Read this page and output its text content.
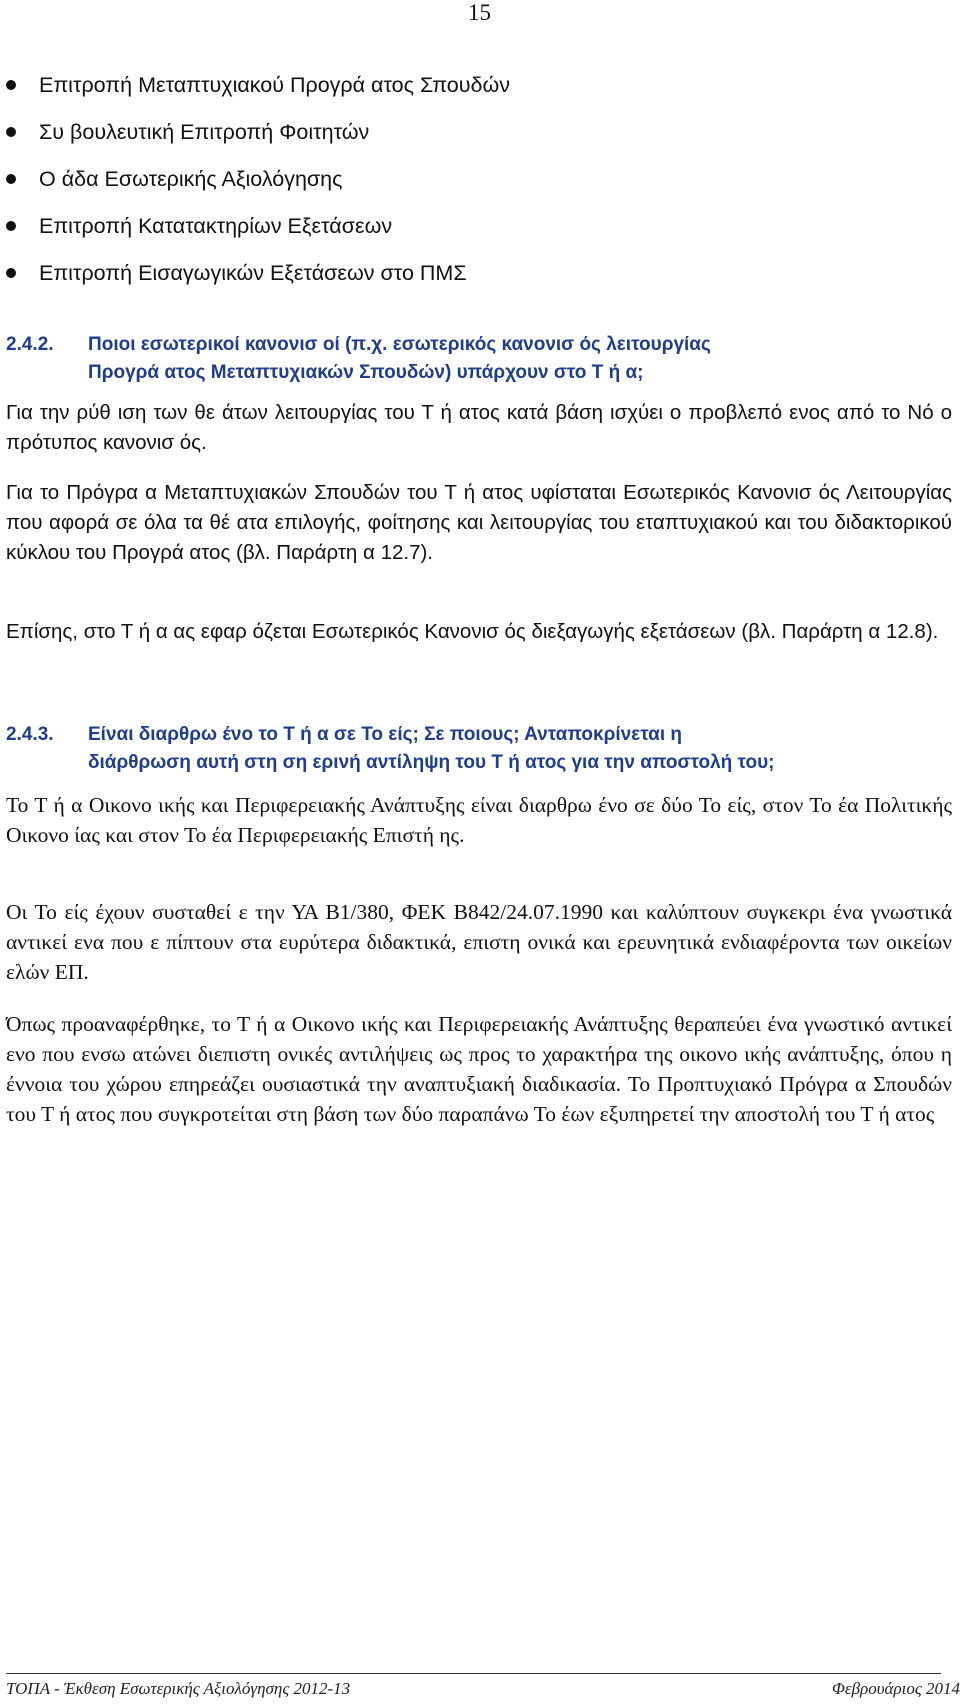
15
Επιτροπή Μεταπτυχιακού Προγρά ατος Σπουδών
Συ βουλευτική Επιτροπή Φοιτητών
Ο άδα Εσωτερικής Αξιολόγησης
Επιτροπή Κατατακτηρίων Εξετάσεων
Επιτροπή Εισαγωγικών Εξετάσεων στο ΠΜΣ
2.4.2. Ποιοι εσωτερικοί κανονισ οί (π.χ. εσωτερικός κανονισ ός λειτουργίας
Προγρά ατος Μεταπτυχιακών Σπουδών) υπάρχουν στο Τ ή α;

Για την ρύθ ιση των θε άτων λειτουργίας του Τ ή ατος κατά βάση ισχύει ο προβλεπό ενος από το Νό ο πρότυπος κανονισ ός.

Για το Πρόγρα α Μεταπτυχιακών Σπουδών του Τ ή ατος υφίσταται Εσωτερικός Κανονισ ός Λειτουργίας που αφορά σε όλα τα θέ ατα επιλογής, φοίτησης και λειτουργίας του εταπτυχιακού και του διδακτορικού κύκλου του Προγρά ατος (βλ. Παράρτη α 12.7).

Επίσης, στο Τ ή α ας εφαρ όζεται Εσωτερικός Κανονισ ός διεξαγωγής εξετάσεων (βλ. Παράρτη α 12.8).

2.4.3. Είναι διαρθρω ένο το Τ ή α σε Το είς; Σε ποιους; Ανταποκρίνεται η
διάρθρωση αυτή στη ση ερινή αντίληψη του Τ ή ατος για την αποστολή του;

Το Τ ή α Οικονο ικής και Περιφερειακής Ανάπτυξης είναι διαρθρω ένο σε δύο Το είς, στον Το έα Πολιτικής Οικονο ίας και στον Το έα Περιφερειακής Επιστή ης.

Οι Το είς έχουν συσταθεί ε την ΥΑ Β1/380, ΦΕΚ Β842/24.07.1990 και καλύπτουν συγκεκρι ένα γνωστικά αντικεί ενα που ε πίπτουν στα ευρύτερα διδακτικά, επιστη ονικά και ερευνητικά ενδιαφέροντα των οικείων ελών ΕΠ.

Όπως προαναφέρθηκε, το Τ ή α Οικονο ικής και Περιφερειακής Ανάπτυξης θεραπεύει ένα γνωστικό αντικεί ενο που ενσω ατώνει διεπιστη ονικές αντιλήψεις ως προς το χαρακτήρα της οικονο ικής ανάπτυξης, όπου η έννοια του χώρου επηρεάζει ουσιαστικά την αναπτυξιακή διαδικασία. Το Προπτυχιακό Πρόγρα α Σπουδών του Τ ή ατος που συγκροτείται στη βάση των δύο παραπάνω Το έων εξυπηρετεί την αποστολή του Τ ή ατος

ΤΟΠΑ - Έκθεση Εσωτερικής Αξιολόγησης 2012-13	Φεβρουάριος 2014
